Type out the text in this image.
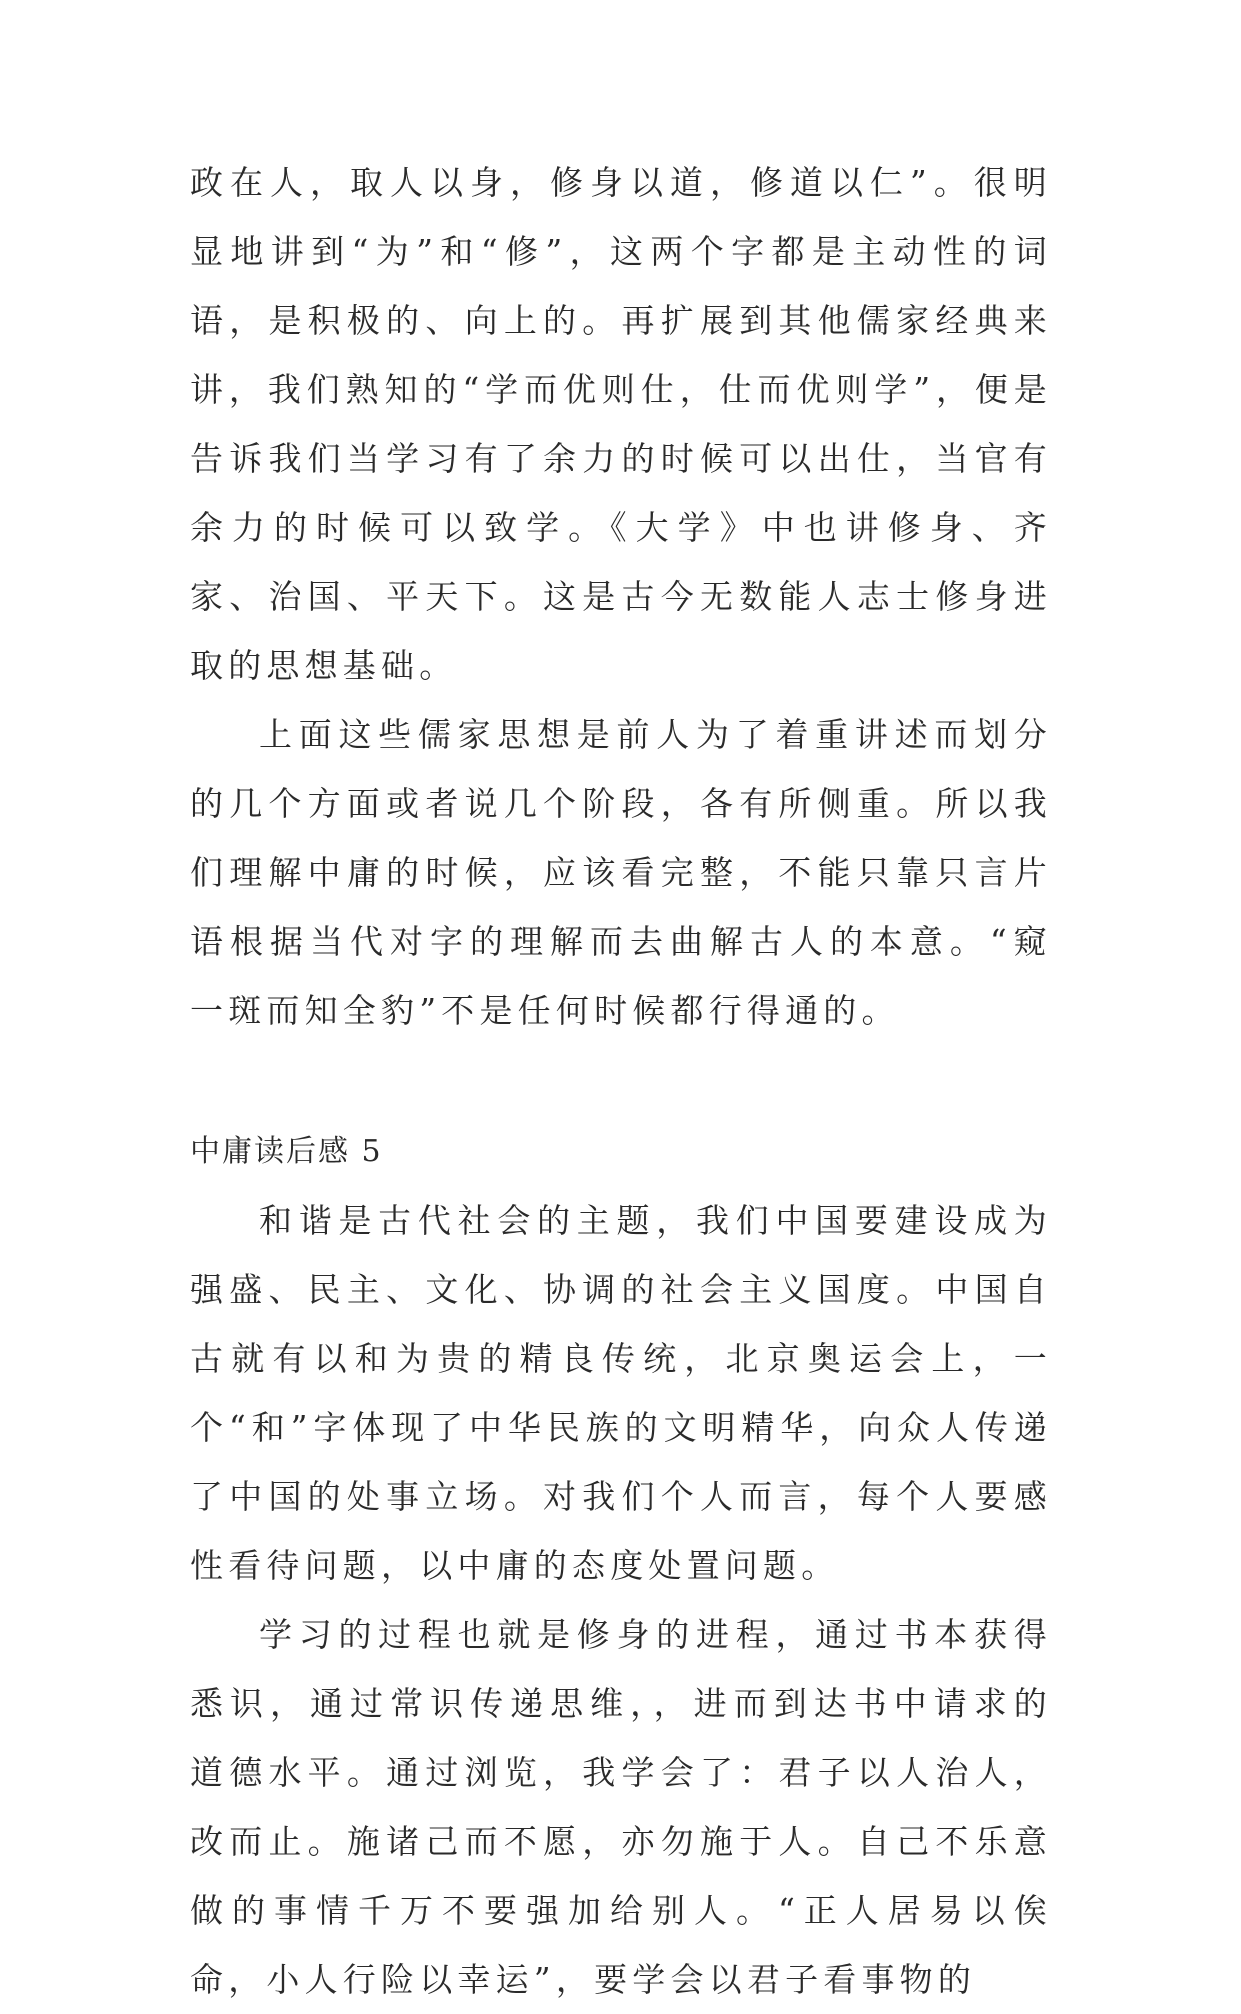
政在人，取人以身，修身以道，修道以仁”。很明显地讲到“为”和“修”，这两个字都是主动性的词语，是积极的、向上的。再扩展到其他儒家经典来讲，我们熟知的“学而优则仕，仕而优则学”，便是告诉我们当学习有了余力的时候可以出仕，当官有余力的时候可以致学。《大学》中也讲修身、齐家、治国、平天下。这是古今无数能人志士修身进取的思想基础。

上面这些儒家思想是前人为了着重讲述而划分的几个方面或者说几个阶段，各有所侧重。所以我们理解中庸的时候，应该看完整，不能只靠只言片语根据当代对字的理解而去曲解古人的本意。“窥一斑而知全豹”不是任何时候都行得通的。

中庸读后感 5

和谐是古代社会的主题，我们中国要建设成为强盛、民主、文化、协调的社会主义国度。中国自古就有以和为贵的精良传统，北京奥运会上，一个“和”字体现了中华民族的文明精华，向众人传递了中国的处事立场。对我们个人而言，每个人要感性看待问题，以中庸的态度处置问题。

学习的过程也就是修身的进程，通过书本获得悉识，通过常识传递思维，，进而到达书中请求的道德水平。通过浏览，我学会了：君子以人治人，改而止。施诸己而不愿，亦勿施于人。自己不乐意做的事情千万不要强加给别人。“正人居易以俟命，小人行险以幸运”，要学会以君子看事物的
